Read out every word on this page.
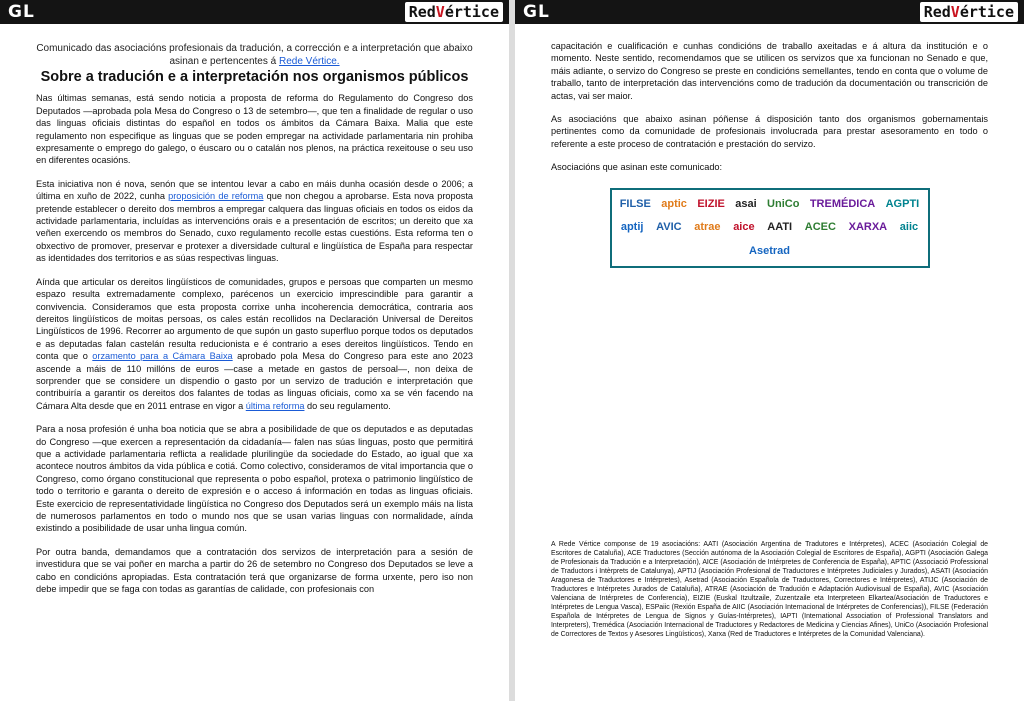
GL	RedVértice
Comunicado das asociacións profesionais da tradución, a corrección e a interpretación que abaixo asinan e pertencentes á Rede Vértice.
Sobre a tradución e a interpretación nos organismos públicos

Nas últimas semanas, está sendo noticia a proposta de reforma do Regulamento do Congreso dos Deputados —aprobada pola Mesa do Congreso o 13 de setembro—, que ten a finalidade de regular o uso das linguas oficiais distintas do español en todos os ámbitos da Cámara Baixa. Malia que este regulamento non especifique as linguas que se poden empregar na actividade parlamentaria nin prohiba expresamente o emprego do galego, o éuscaro ou o catalán nos plenos, na práctica rexeitouse o seu uso en diferentes ocasións.

Esta iniciativa non é nova, senón que se intentou levar a cabo en máis dunha ocasión desde o 2006; a última en xuño de 2022, cunha proposición de reforma que non chegou a aprobarse. Esta nova proposta pretende establecer o dereito dos membros a empregar calquera das linguas oficiais en todos os eidos da actividade parlamentaria, incluídas as intervencións orais e a presentación de escritos; un dereito que xa veñen exercendo os membros do Senado, cuxo regulamento recolle estas cuestións. Esta reforma ten o obxectivo de promover, preservar e protexer a diversidade cultural e lingüística de España para respectar as identidades dos territorios e as súas respectivas linguas.

Aínda que articular os dereitos lingüísticos de comunidades, grupos e persoas que comparten un mesmo espazo resulta extremadamente complexo, parécenos un exercicio imprescindible para garantir a convivencia. Consideramos que esta proposta corrixe unha incoherencia democrática, contraria aos dereitos lingüísticos de moitas persoas, os cales están recollidos na Declaración Universal de Dereitos Lingüísticos de 1996. Recorrer ao argumento de que supón un gasto superfluo porque todos os deputados e as deputadas falan castelán resulta reducionista e é contrario a eses dereitos lingüísticos. Tendo en conta que o orzamento para a Cámara Baixa aprobado pola Mesa do Congreso para este ano 2023 ascende a máis de 110 millóns de euros —case a metade en gastos de persoal—, non deixa de sorprender que se considere un dispendio o gasto por un servizo de tradución e interpretación que contribuiría a garantir os dereitos dos falantes de todas as linguas oficiais, como xa se vén facendo na Cámara Alta desde que en 2011 entrase en vigor a última reforma do seu regulamento.

Para a nosa profesión é unha boa noticia que se abra a posibilidade de que os deputados e as deputadas do Congreso —que exercen a representación da cidadanía— falen nas súas linguas, posto que permitirá que a actividade parlamentaria reflicta a realidade plurilingüe da sociedade do Estado, ao igual que xa acontece noutros ámbitos da vida pública e cotiá. Como colectivo, consideramos de vital importancia que o Congreso, como órgano constitucional que representa o pobo español, protexa o patrimonio lingüístico de todo o territorio e garanta o dereito de expresión e o acceso á información en todas as linguas oficiais. Este exercicio de representatividade lingüística no Congreso dos Deputados será un exemplo máis na lista de numerosos parlamentos en todo o mundo nos que se usan varias linguas con normalidade, aínda existindo a posibilidade de usar unha lingua común.

Por outra banda, demandamos que a contratación dos servizos de interpretación para a sesión de investidura que se vai poñer en marcha a partir do 26 de setembro no Congreso dos Deputados se leve a cabo en condicións apropiadas. Esta contratación terá que organizarse de forma urxente, pero iso non debe impedir que se faga con todas as garantías de calidade, con profesionais con

GL	RedVértice

capacitación e cualificación e cunhas condicións de traballo axeitadas e á altura da institución e o momento. Neste sentido, recomendamos que se utilicen os servizos que xa funcionan no Senado e que, máis adiante, o servizo do Congreso se preste en condicións semellantes, tendo en conta que o volume de traballo, tanto de interpretación das intervencións como de tradución da documentación ou transcrición de actas, vai ser maior.

As asociacións que abaixo asinan póñense á disposición tanto dos organismos gobernamentais pertinentes como da comunidade de profesionais involucrada para prestar asesoramento en todo o referente a este proceso de contratación e prestación do servizo.

Asociacións que asinan este comunicado:

FILSE aptic EIZIE asai UniCo TREMÉDICA AGPTI
aptij	AVIC	atrae	aice	AATI	ACEC	XARXA	aiic
Asetrad
A Rede Vértice componse de 19 asociacións: AATI (Asociación Argentina de Tradutores e Intérpretes), ACEC (Asociación Colegial de Escritores de Cataluña), ACE Traductores (Sección autónoma de la Asociación Colegial de Escritores de España), AGPTI (Asociación Galega de Profesionais da Tradución e a Interpretación), AICE (Asociación de Intérpretes de Conferencia de España), APTIC (Associació Professional de Traductors i Intèrprets de Catalunya), APTIJ (Asociación Profesional de Traductores e Intérpretes Judiciales y Jurados), ASATI (Asociación Aragonesa de Traductores e Intérpretes), Asetrad (Asociación Española de Traductores, Correctores e Intérpretes), ATIJC (Asociación de Traductores e Intérpretes Jurados de Cataluña), ATRAE (Asociación de Tradución e Adaptación Audiovisual de España), AVIC (Asociación Valenciana de Intérpretes de Conferencia), EIZIE (Euskal Itzultzaile, Zuzentzaile eta Interpreteen Elkartea/Asociación de Traductores e Intérpretes de Lengua Vasca), ESPaiic (Rexión España de AIIC (Asociación Internacional de Intérpretes de Conferencias)), FILSE (Federación Española de Intérpretes de Lengua de Signos y Guías-Intérpretes), IAPTI (International Association of Professional Translators and Interpreters), Tremédica (Asociación Internacional de Traductores y Redactores de Medicina y Ciencias Afines), UniCo (Asociación Profesional de Correctores de Textos y Asesores Lingüísticos), Xarxa (Red de Traductores e Intérpretes de la Comunidad Valenciana).
